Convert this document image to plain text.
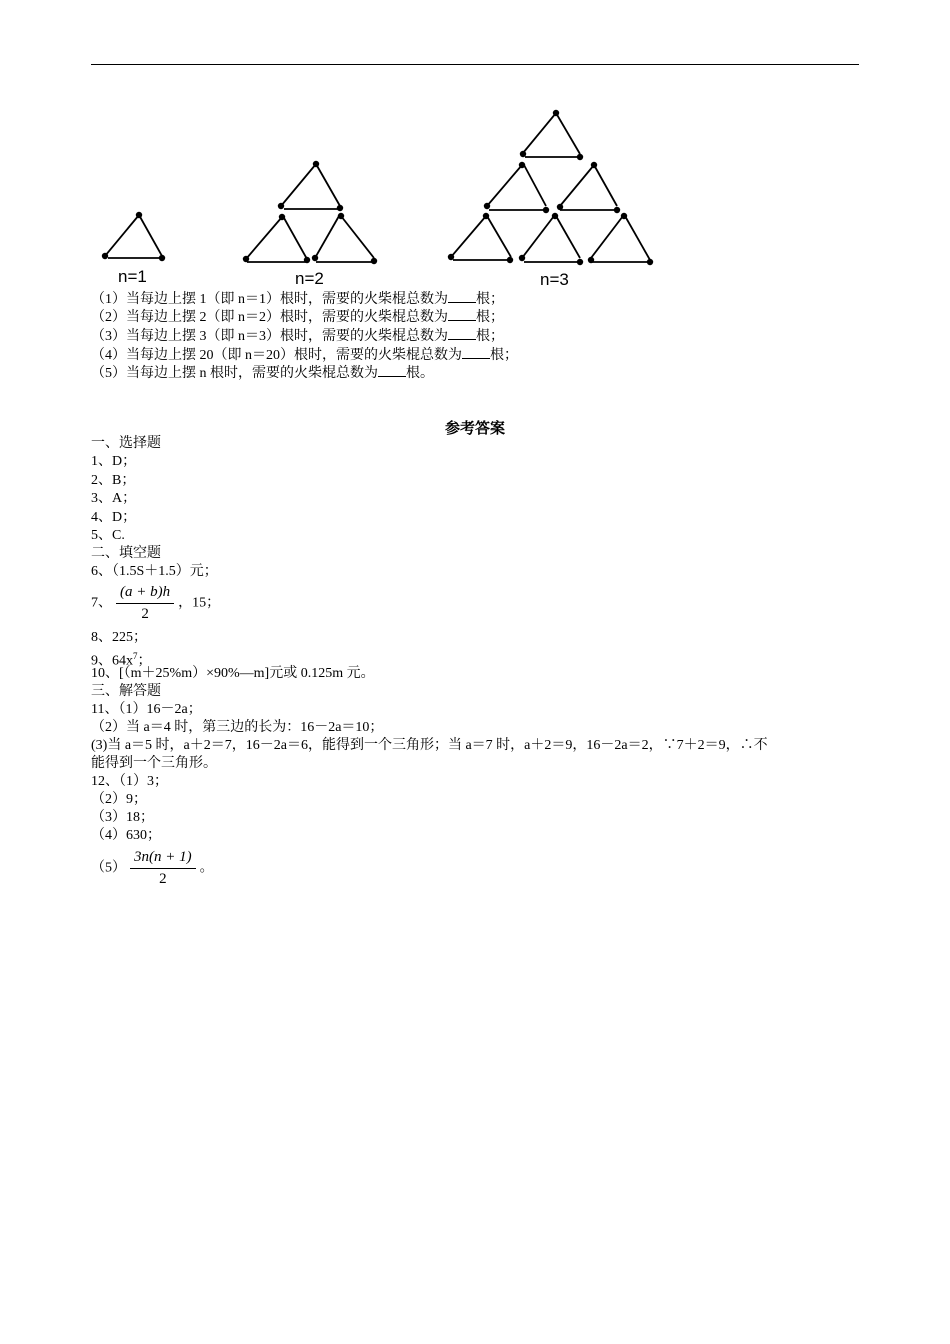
n=1	n=2	n=3
（1）当每边上摆 1（即 n＝1）根时，需要的火柴棍总数为 根；
（2）当每边上摆 2（即 n＝2）根时，需要的火柴棍总数为 根；
（3）当每边上摆 3（即 n＝3）根时，需要的火柴棍总数为 根；
（4）当每边上摆 20（即 n＝20）根时，需要的火柴棍总数为 根；
（5）当每边上摆 n 根时，需要的火柴棍总数为 根。
参考答案
一、选择题
1、D；
2、B；
3、A；
4、D；
5、C.
二、填空题
6、（1.5S＋1.5）元；
7、 $\frac{(a + b)h}{2}$ ，15；
8、225；
9、$64x^7$；
10、[（m＋25%m）×90%—m]元或 0.125m 元。
三、解答题
11、（1）16－2a；
（2）当 a＝4 时，第三边的长为：16－2a＝10；
(3)当 a＝5 时，a＋2＝7，16－2a＝6，能得到一个三角形；当 a＝7 时，a＋2＝9，16－2a＝2，∵7＋2＝9，∴不
能得到一个三角形。
12、（1）3；
（2）9；
（3）18；
（4）630；
$(5) \frac{3n(n + 1)}{2}$ 。
